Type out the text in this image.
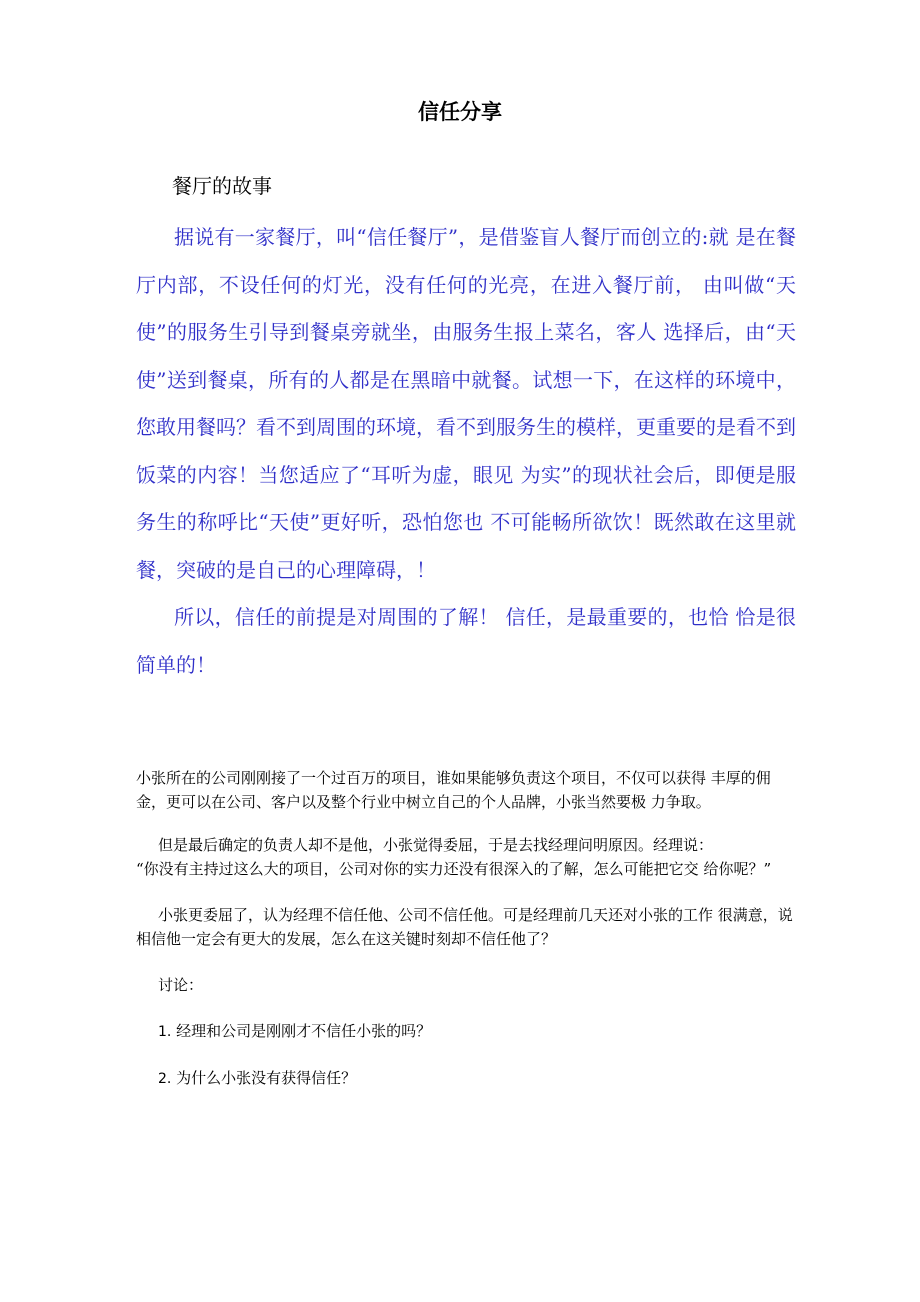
信任分享
餐厅的故事

据说有一家餐厅，叫“信任餐厅”，是借鉴盲人餐厅而创立的:就 是在餐厅内部，不设任何的灯光，没有任何的光亮，在进入餐厅前， 由叫做“天使”的服务生引导到餐桌旁就坐，由服务生报上菜名，客人 选择后，由“天使”送到餐桌，所有的人都是在黑暗中就餐。试想一下，在这样的环境中，您敢用餐吗？看不到周围的环境，看不到服务生的模样，更重要的是看不到饭菜的内容！当您适应了“耳听为虚，眼见 为实”的现状社会后，即便是服务生的称呼比“天使”更好听，恐怕您也 不可能畅所欲饮！既然敢在这里就餐，突破的是自己的心理障碍，！

所以，信任的前提是对周围的了解！ 信任，是最重要的，也恰 恰是很简单的！

小张所在的公司刚刚接了一个过百万的项目，谁如果能够负责这个项目，不仅可以获得 丰厚的佣金，更可以在公司、客户以及整个行业中树立自己的个人品牌，小张当然要极 力争取。

但是最后确定的负责人却不是他，小张觉得委屈，于是去找经理问明原因。经理说：

“你没有主持过这么大的项目，公司对你的实力还没有很深入的了解，怎么可能把它交 给你呢？”

小张更委屈了，认为经理不信任他、公司不信任他。可是经理前几天还对小张的工作 很满意，说相信他一定会有更大的发展，怎么在这关键时刻却不信任他了？

讨论：

1. 经理和公司是刚刚才不信任小张的吗？

2. 为什么小张没有获得信任？
